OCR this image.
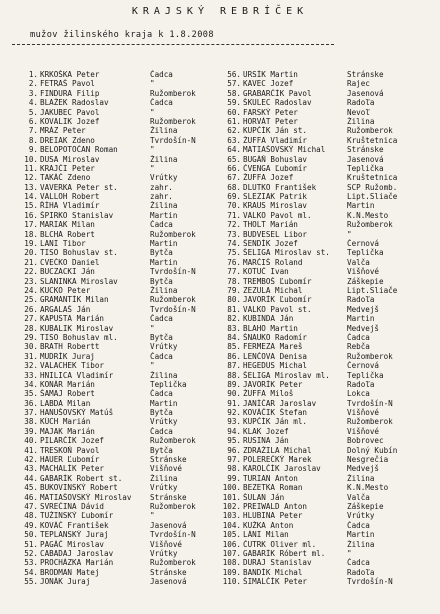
KRAJSKÝ REBRÍČEK
mužov žilinského kraja k 1.8.2008
1. KRKOŠKA Peter	Čadca
2. FETRAŠ Pavol	"
3. FINDURA Filip	Ružomberok
4. BLAŽEK Radoslav	Čadca
5. JAKUBEC Pavol	"
6. KOVALIK Jozef	Ružomberok
7. MRÁZ Peter	Žilina
8. DREIAK Zdeno	Tvrdošín-N
9. BELOPOTOČAN Roman	"
10. DUSA Miroslav	Žilina
11. KRAJČI Peter	"
12. TAKÁČ Zdeno	Vrútky
13. VAVERKA Peter st.	zahr.
14. VALLOH Robert	zahr.
15. ŘÍHA Vladimír	Žilina
16. ŠPIRKO Stanislav	Martin
17. MARIAK Milan	Čadca
18. BLCHA Robert	Ružomberok
19. LANI Tibor	Martin
20. TISO Bohuslav st.	Bytča
21. CVEČKO Daniel	Martin
22. BUCZACKI Ján	Tvrdošín-N
23. SLANINKA Miroslav	Bytča
24. KUCKO Peter	Žilina
25. GRAMANTÍK Milan	Ružomberok
26. ARGALAŠ Ján	Tvrdošín-N
27. KAPUSTA Marián	Čadca
28. KUBALIK Miroslav	"
29. TISO Bohuslav ml.	Bytča
30. BRATH Robertt	Vrútky
31. MUDRÍK Juraj	Čadca
32. VALACHEK Tibor	"
33. HNILICA Vladimír	Žilina
34. KONÁR Marián	Teplička
35. ŠAMAJ Robert	Čadca
36. LABDA Milan	Martin
37. HANUŠOVSKÝ Matúš	Bytča
38. KÚCH Marián	Vrútky
39. MAJAK Marián	Čadca
40. PILARČÍK Jozef	Ružomberok
41. TRESKOŇ Pavol	Bytča
42. HAUER Ľubomír	Stránske
43. MACHALÍK Peter	Višňové
44. GABARÍK Robert st.	Žilina
45. BUKOVINSKÝ Robert	Vrútky
46. MATIAŠOVSKÝ Miroslav	Stránske
47. SVREČINA Dávid	Ružomberok
48. TUŽINSKÝ Ľubomír	"
49. KOVÁČ František	Jasenová
50. TEPLANSKÝ Juraj	Tvrdošín-N
51. PAGÁČ Miroslav	Višňové
52. CABADAJ Jaroslav	Vrútky
53. PROCHÁZKA Marián	Ružomberok
54. BRODMAN Matej	Stránske
55. JONÁK Juraj	Jasenová
56. URSÍK Martin	Stránske
57. KAVEC Jozef	Rajec
58. GRABARČÍK Pavol	Jasenová
59. ŠKULEC Radoslav	Radoľa
60. FARSKÝ Peter	Nevoľ
61. HORVÁT Peter	Žilina
62. KUPČÍK Ján st.	Ružomberok
63. ŽUFFA Vladimír	Kruštetnica
64. MATIAŠOVSKÝ Michal	Stránske
65. BUGÁŇ Bohuslav	Jasenová
66. ČVENGA Ľubomír	Teplička
67. ŽUFFA Jozef	Kruštetnica
68. DLUTKO František	SCP Ružomb.
69. SLEZIAK Patrik	Lipt.Sliače
70. KRAUS Miroslav	Martin
71. VALKO Pavol ml.	K.N.Mesto
72. THOLT Marián	Ružomberok
73. BUDVESEL Libor	"
74. ŠENDÍK Jozef	Černová
75. ŠELIGA Miroslav st.	Teplička
76. MARČIŠ Roland	Valča
77. KOTUČ Ivan	Višňové
78. TREMBOŠ Ľubomír	Záškepie
79. ZEZULA Michal	Lipt.Sliače
80. JAVORÍK Ľubomír	Radoľa
81. VALKO Pavol st.	Medvejš
82. KUBINDA Ján	Martin
83. BLAHO Martin	Medvejš
84. ŠNAUKO Radomír	Čadca
85. FERMEZA Mareš	Rebča
86. LENČOVA Denisa	Ružomberok
87. HEGEDUS Michal	Černová
88. ŠELIGA Miroslav ml.	Teplička
89. JAVORÍK Peter	Radoľa
90. ŽUFFA Miloš	Lokca
91. JANÍČAR Jaroslav	Tvrdošín-N
92. KOVÁČIK Štefan	Višňové
93. KUPČÍK Ján ml.	Ružomberok
94. KLAK Jozef	Višňové
95. RUSINA Ján	Bobrovec
96. ZDRAŽILA Michal	Dolný Kubín
97. POLEREČKÝ Marek	Nesgrečia
98. KAROLČÍK Jaroslav	Medvejš
99. TURIAN Anton	Žilina
100. BEZETKA Roman	K.N.Mesto
101. ŠULAN Ján	Valča
102. PREIWALD Anton	Záškepie
103. HLUBINA Peter	Vrútky
104. KUŽKA Anton	Čadca
105. LÁNI Milan	Martin
106. ČUTRK Oliver ml.	Žilina
107. GABARÍK Róbert ml.	"
108. DURAJ Stanislav	Čadca
109. BANDÍK Michal	Radoľa
110. ŠIMALČÍK Peter	Tvrdošín-N
